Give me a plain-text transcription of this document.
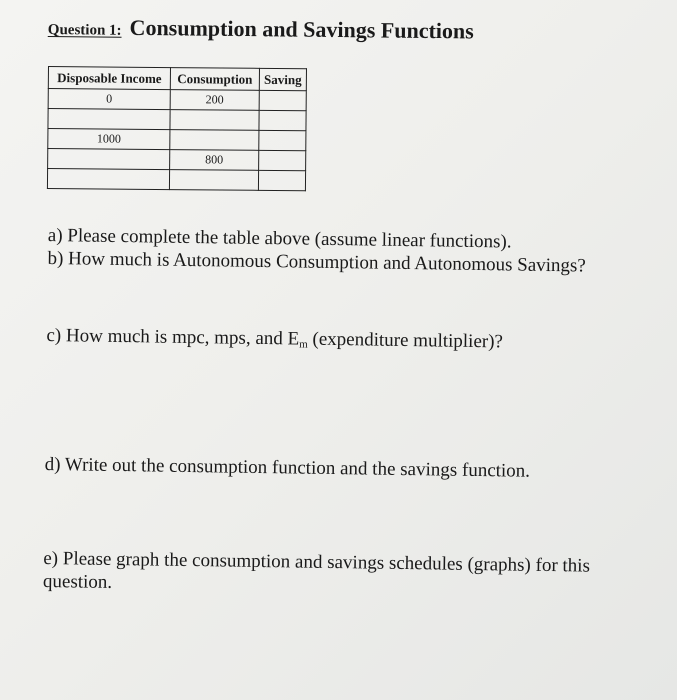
Question 1: Consumption and Savings Functions
Disposable Income	Consumption	Saving
0	200	

1000		
	800	

a) Please complete the table above (assume linear functions).

b) How much is Autonomous Consumption and Autonomous Savings?

c) How much is mpc, mps, and $E_m$ (expenditure multiplier)?

d) Write out the consumption function and the savings function.

e) Please graph the consumption and savings schedules (graphs) for this question.
